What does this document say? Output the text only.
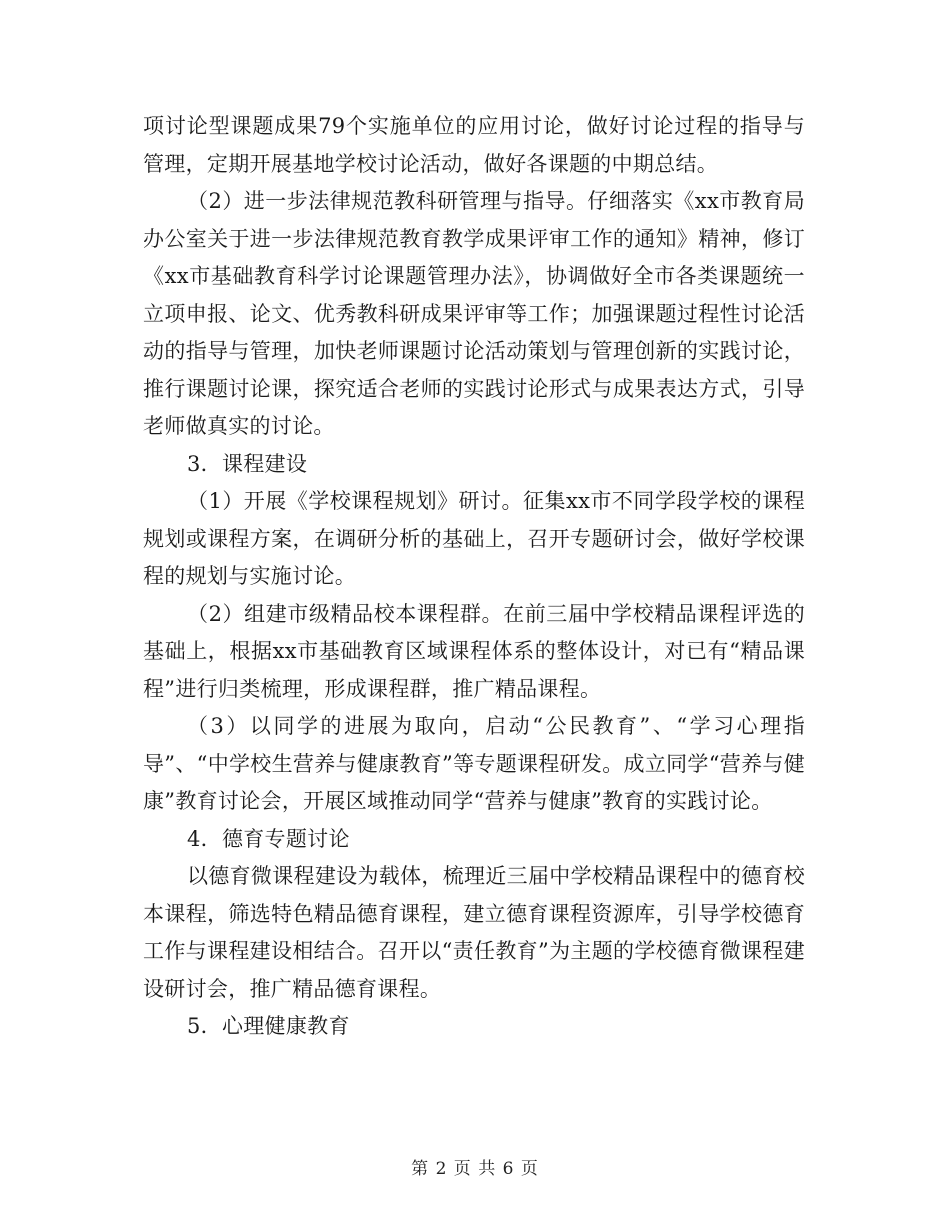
项讨论型课题成果79个实施单位的应用讨论，做好讨论过程的指导与管理，定期开展基地学校讨论活动，做好各课题的中期总结。

（2）进一步法律规范教科研管理与指导。仔细落实《xx市教育局办公室关于进一步法律规范教育教学成果评审工作的通知》精神，修订《xx市基础教育科学讨论课题管理办法》，协调做好全市各类课题统一立项申报、论文、优秀教科研成果评审等工作；加强课题过程性讨论活动的指导与管理，加快老师课题讨论活动策划与管理创新的实践讨论，推行课题讨论课，探究适合老师的实践讨论形式与成果表达方式，引导老师做真实的讨论。

3．课程建设

（1）开展《学校课程规划》研讨。征集xx市不同学段学校的课程规划或课程方案，在调研分析的基础上，召开专题研讨会，做好学校课程的规划与实施讨论。

（2）组建市级精品校本课程群。在前三届中学校精品课程评选的基础上，根据xx市基础教育区域课程体系的整体设计，对已有“精品课程”进行归类梳理，形成课程群，推广精品课程。

（3）以同学的进展为取向，启动“公民教育”、“学习心理指导”、“中学校生营养与健康教育”等专题课程研发。成立同学“营养与健康”教育讨论会，开展区域推动同学“营养与健康”教育的实践讨论。

4．德育专题讨论

以德育微课程建设为载体，梳理近三届中学校精品课程中的德育校本课程，筛选特色精品德育课程，建立德育课程资源库，引导学校德育工作与课程建设相结合。召开以“责任教育”为主题的学校德育微课程建设研讨会，推广精品德育课程。

5．心理健康教育

第 2 页 共 6 页
